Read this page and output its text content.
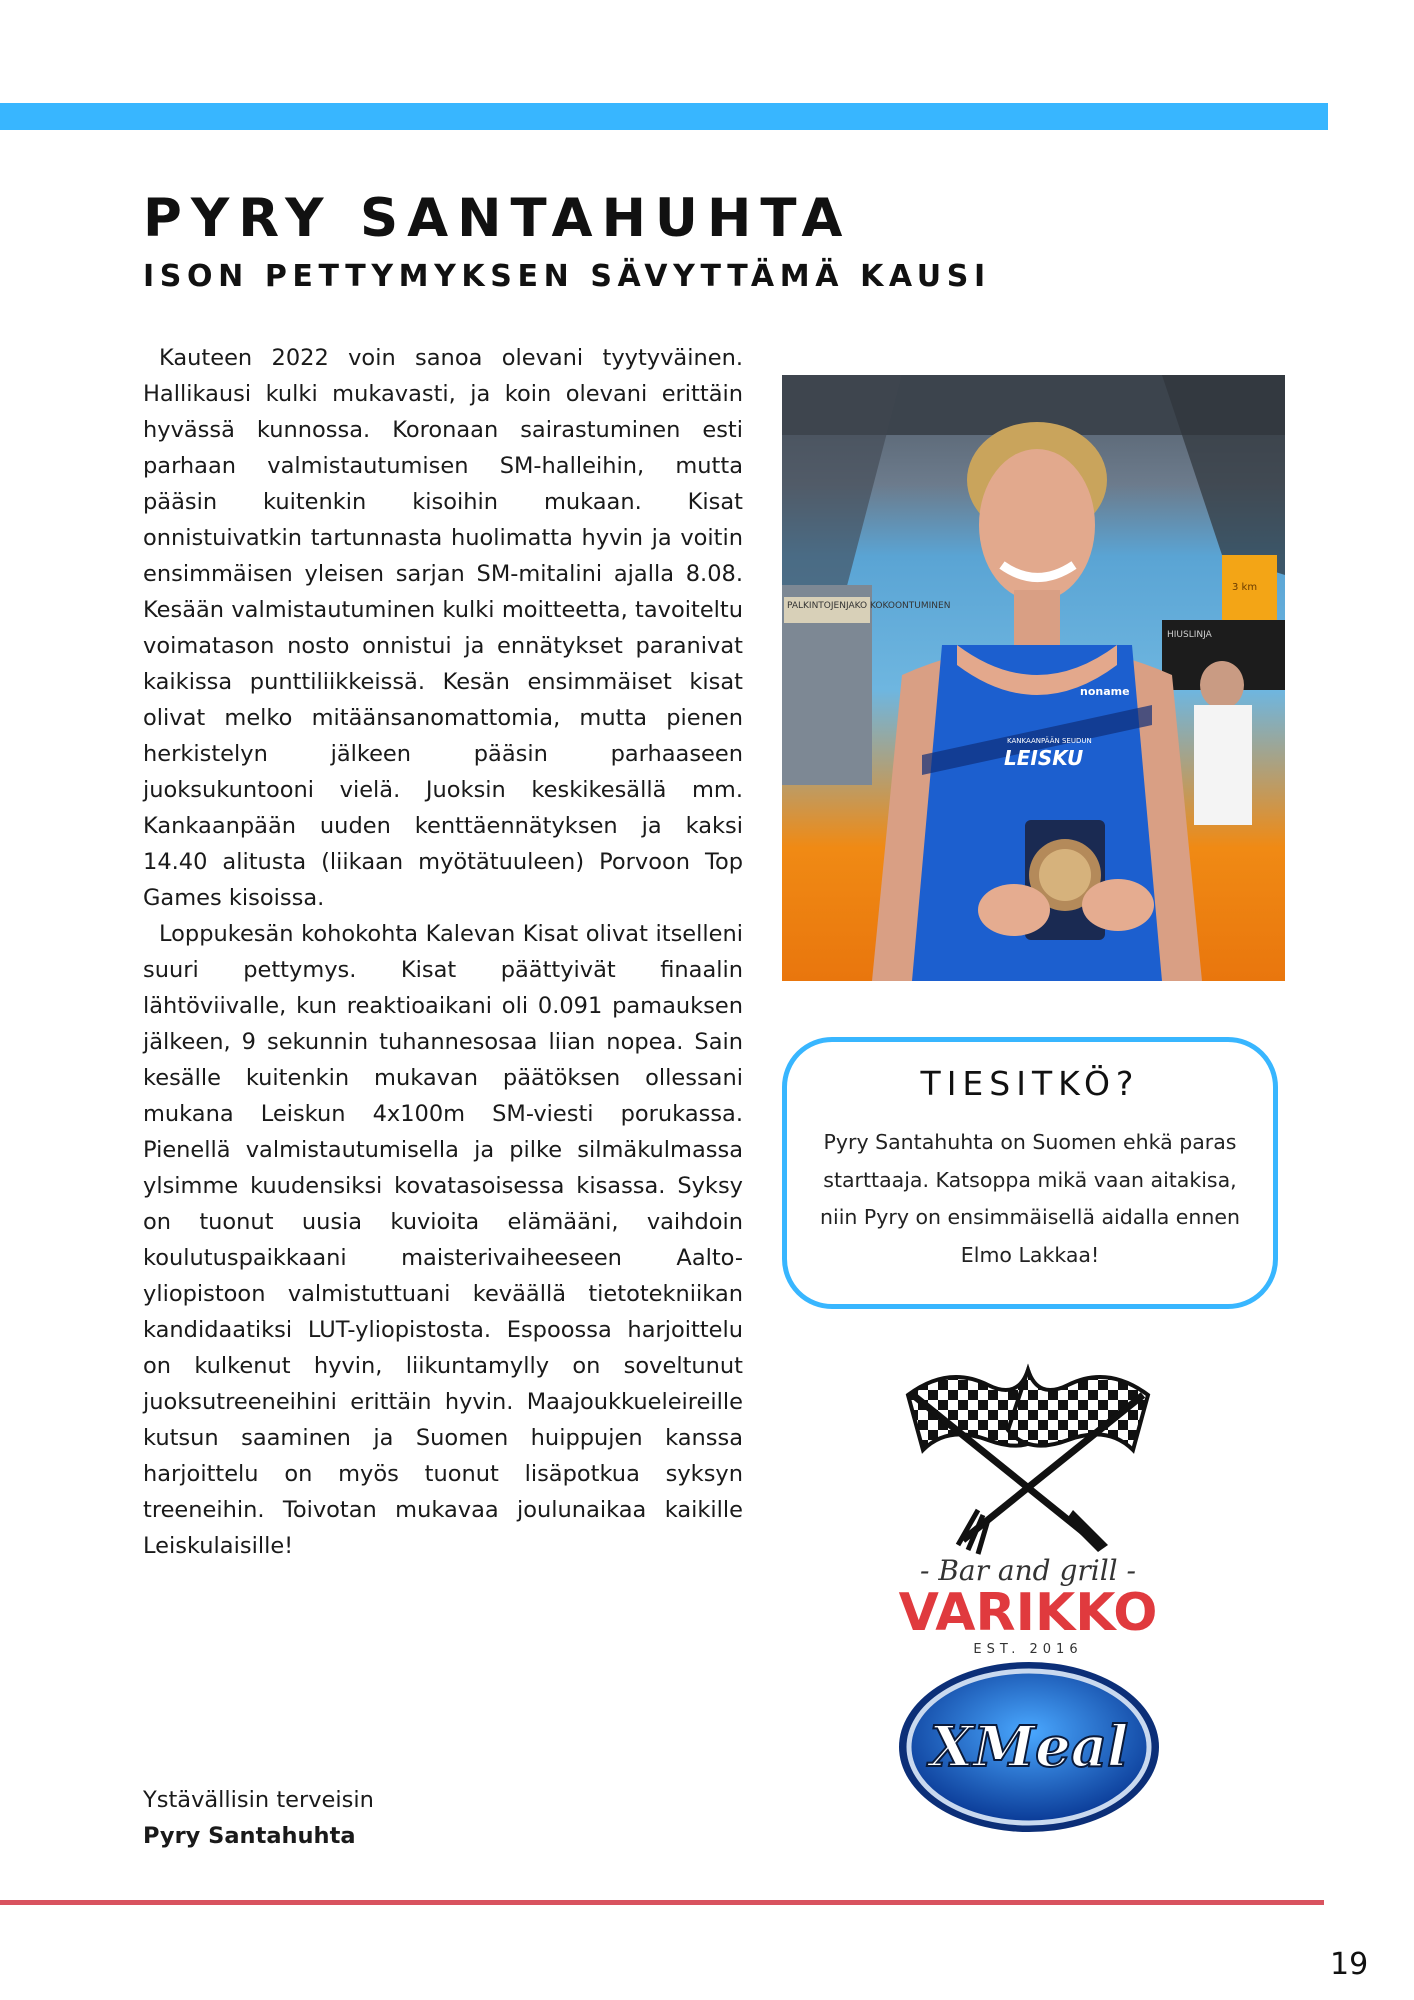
PYRY SANTAHUHTA
ISON PETTYMYKSEN SÄVYTTÄMÄ KAUSI

Kauteen 2022 voin sanoa olevani tyytyväinen. Hallikausi kulki mukavasti, ja koin olevani erittäin hyvässä kunnossa. Koronaan sairastuminen esti parhaan valmistautumisen SM-halleihin, mutta pääsin kuitenkin kisoihin mukaan. Kisat onnistuivatkin tartunnasta huolimatta hyvin ja voitin ensimmäisen yleisen sarjan SM-mitalini ajalla 8.08. Kesään valmistautuminen kulki moitteetta, tavoiteltu voimatason nosto onnistui ja ennätykset paranivat kaikissa punttiliikkeissä. Kesän ensimmäiset kisat olivat melko mitäänsanomattomia, mutta pienen herkistelyn jälkeen pääsin parhaaseen juoksukuntooni vielä. Juoksin keskikesällä mm. Kankaanpään uuden kenttäennätyksen ja kaksi 14.40 alitusta (liikaan myötätuuleen) Porvoon Top Games kisoissa.

Loppukesän kohokohta Kalevan Kisat olivat itselleni suuri pettymys. Kisat päättyivät finaalin lähtöviivalle, kun reaktioaikani oli 0.091 pamauksen jälkeen, 9 sekunnin tuhannesosaa liian nopea. Sain kesälle kuitenkin mukavan päätöksen ollessani mukana Leiskun 4x100m SM-viesti porukassa. Pienellä valmistautumisella ja pilke silmäkulmassa ylsimme kuudensiksi kovatasoisessa kisassa. Syksy on tuonut uusia kuvioita elämääni, vaihdoin koulutuspaikkaani maisterivaiheeseen Aalto-yliopistoon valmistuttuani keväällä tietotekniikan kandidaatiksi LUT-yliopistosta. Espoossa harjoittelu on kulkenut hyvin, liikuntamylly on soveltunut juoksutreeneihini erittäin hyvin. Maajoukkueleireille kutsun saaminen ja Suomen huippujen kanssa harjoittelu on myös tuonut lisäpotkua syksyn treeneihin. Toivotan mukavaa joulunaikaa kaikille Leiskulaisille!

Ystävällisin terveisin
Pyry Santahuhta
PALKINTOJENJAKO KOKOONTUMINEN
3 km
HIUSLINJA
noname
KANKAANPÄÄN SEUDUN
LEISKU
TIESITKÖ?
Pyry Santahuhta on Suomen ehkä paras starttaaja. Katsoppa mikä vaan aitakisa, niin Pyry on ensimmäisellä aidalla ennen Elmo Lakkaa!
- Bar and grill -
VARIKKO
EST. 2016
XMeal
19
